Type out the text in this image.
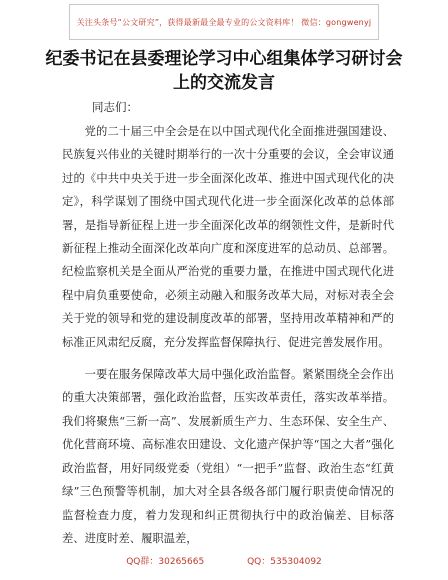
关注头条号“公文研究”，获得最新最全最专业的公文资料库！ 微信：gongwenyj
纪委书记在县委理论学习中心组集体学习研讨会上的交流发言
同志们：

党的二十届三中全会是在以中国式现代化全面推进强国建设、民族复兴伟业的关键时期举行的一次十分重要的会议，全会审议通过的《中共中央关于进一步全面深化改革、推进中国式现代化的决定》，科学谋划了围绕中国式现代化进一步全面深化改革的总体部署，是指导新征程上进一步全面深化改革的纲领性文件，是新时代新征程上推动全面深化改革向广度和深度进军的总动员、总部署。纪检监察机关是全面从严治党的重要力量，在推进中国式现代化进程中肩负重要使命，必须主动融入和服务改革大局，对标对表全会关于党的领导和党的建设制度改革的部署，坚持用改革精神和严的标准正风肃纪反腐，充分发挥监督保障执行、促进完善发展作用。

一要在服务保障改革大局中强化政治监督。紧紧围绕全会作出的重大决策部署，强化政治监督，压实改革责任，落实改革举措。我们将聚焦“三新一高”、发展新质生产力、生态环保、安全生产、优化营商环境、高标准农田建设、文化遗产保护等“国之大者”强化政治监督，用好同级党委（党组）“一把手”监督、政治生态“红黄绿”三色预警等机制，加大对全县各级各部门履行职责使命情况的监督检查力度，着力发现和纠正贯彻执行中的政治偏差、目标落差、进度时差、履职温差，

QQ群：30265665	QQ：535304092
